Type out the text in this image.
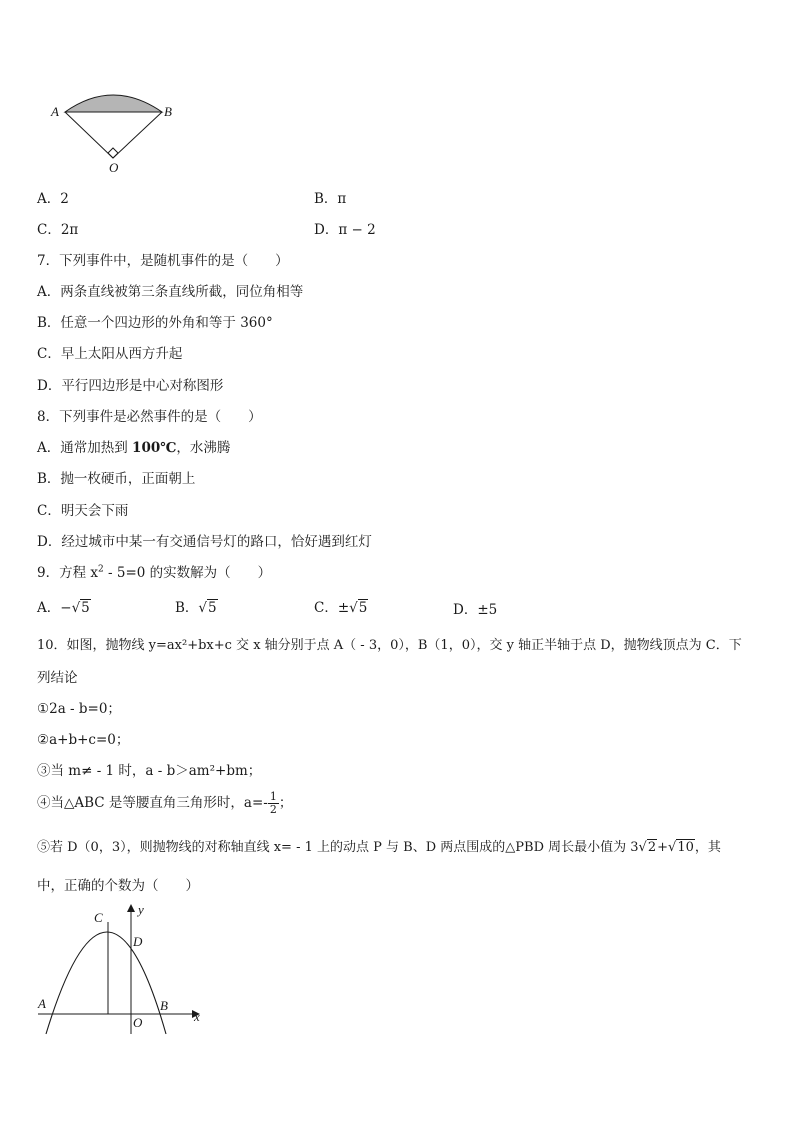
A	B
O
A．2	B．π
C．2π	D．π − 2
7．下列事件中，是随机事件的是（　　）
A．两条直线被第三条直线所截，同位角相等
B．任意一个四边形的外角和等于 360°
C．早上太阳从西方升起
D．平行四边形是中心对称图形
8．下列事件是必然事件的是（　　）
A．通常加热到 100℃，水沸腾
B．抛一枚硬币，正面朝上
C．明天会下雨
D．经过城市中某一有交通信号灯的路口，恰好遇到红灯
9．方程 $x^2 - 5=0$ 的实数解为（　　）
A．−√5	B．√5	C．±√5	D．±5
10．如图，抛物线 y=ax²+bx+c 交 x 轴分别于点 A（ - 3，0），B（1，0），交 y 轴正半轴于点 D，抛物线顶点为 C．下
列结论
①2a - b=0；
②a+b+c=0；
③当 m≠ - 1 时，a - b＞am²+bm；
④当△ABC 是等腰直角三角形时，$a=- \frac{1}{2}$ ；
⑤若 D（0，3），则抛物线的对称轴直线 x= - 1 上的动点 P 与 B、D 两点围成的△PBD 周长最小值为 3√2+√10，其
中，正确的个数为（　　）
C
y
D
A	B
O	x
